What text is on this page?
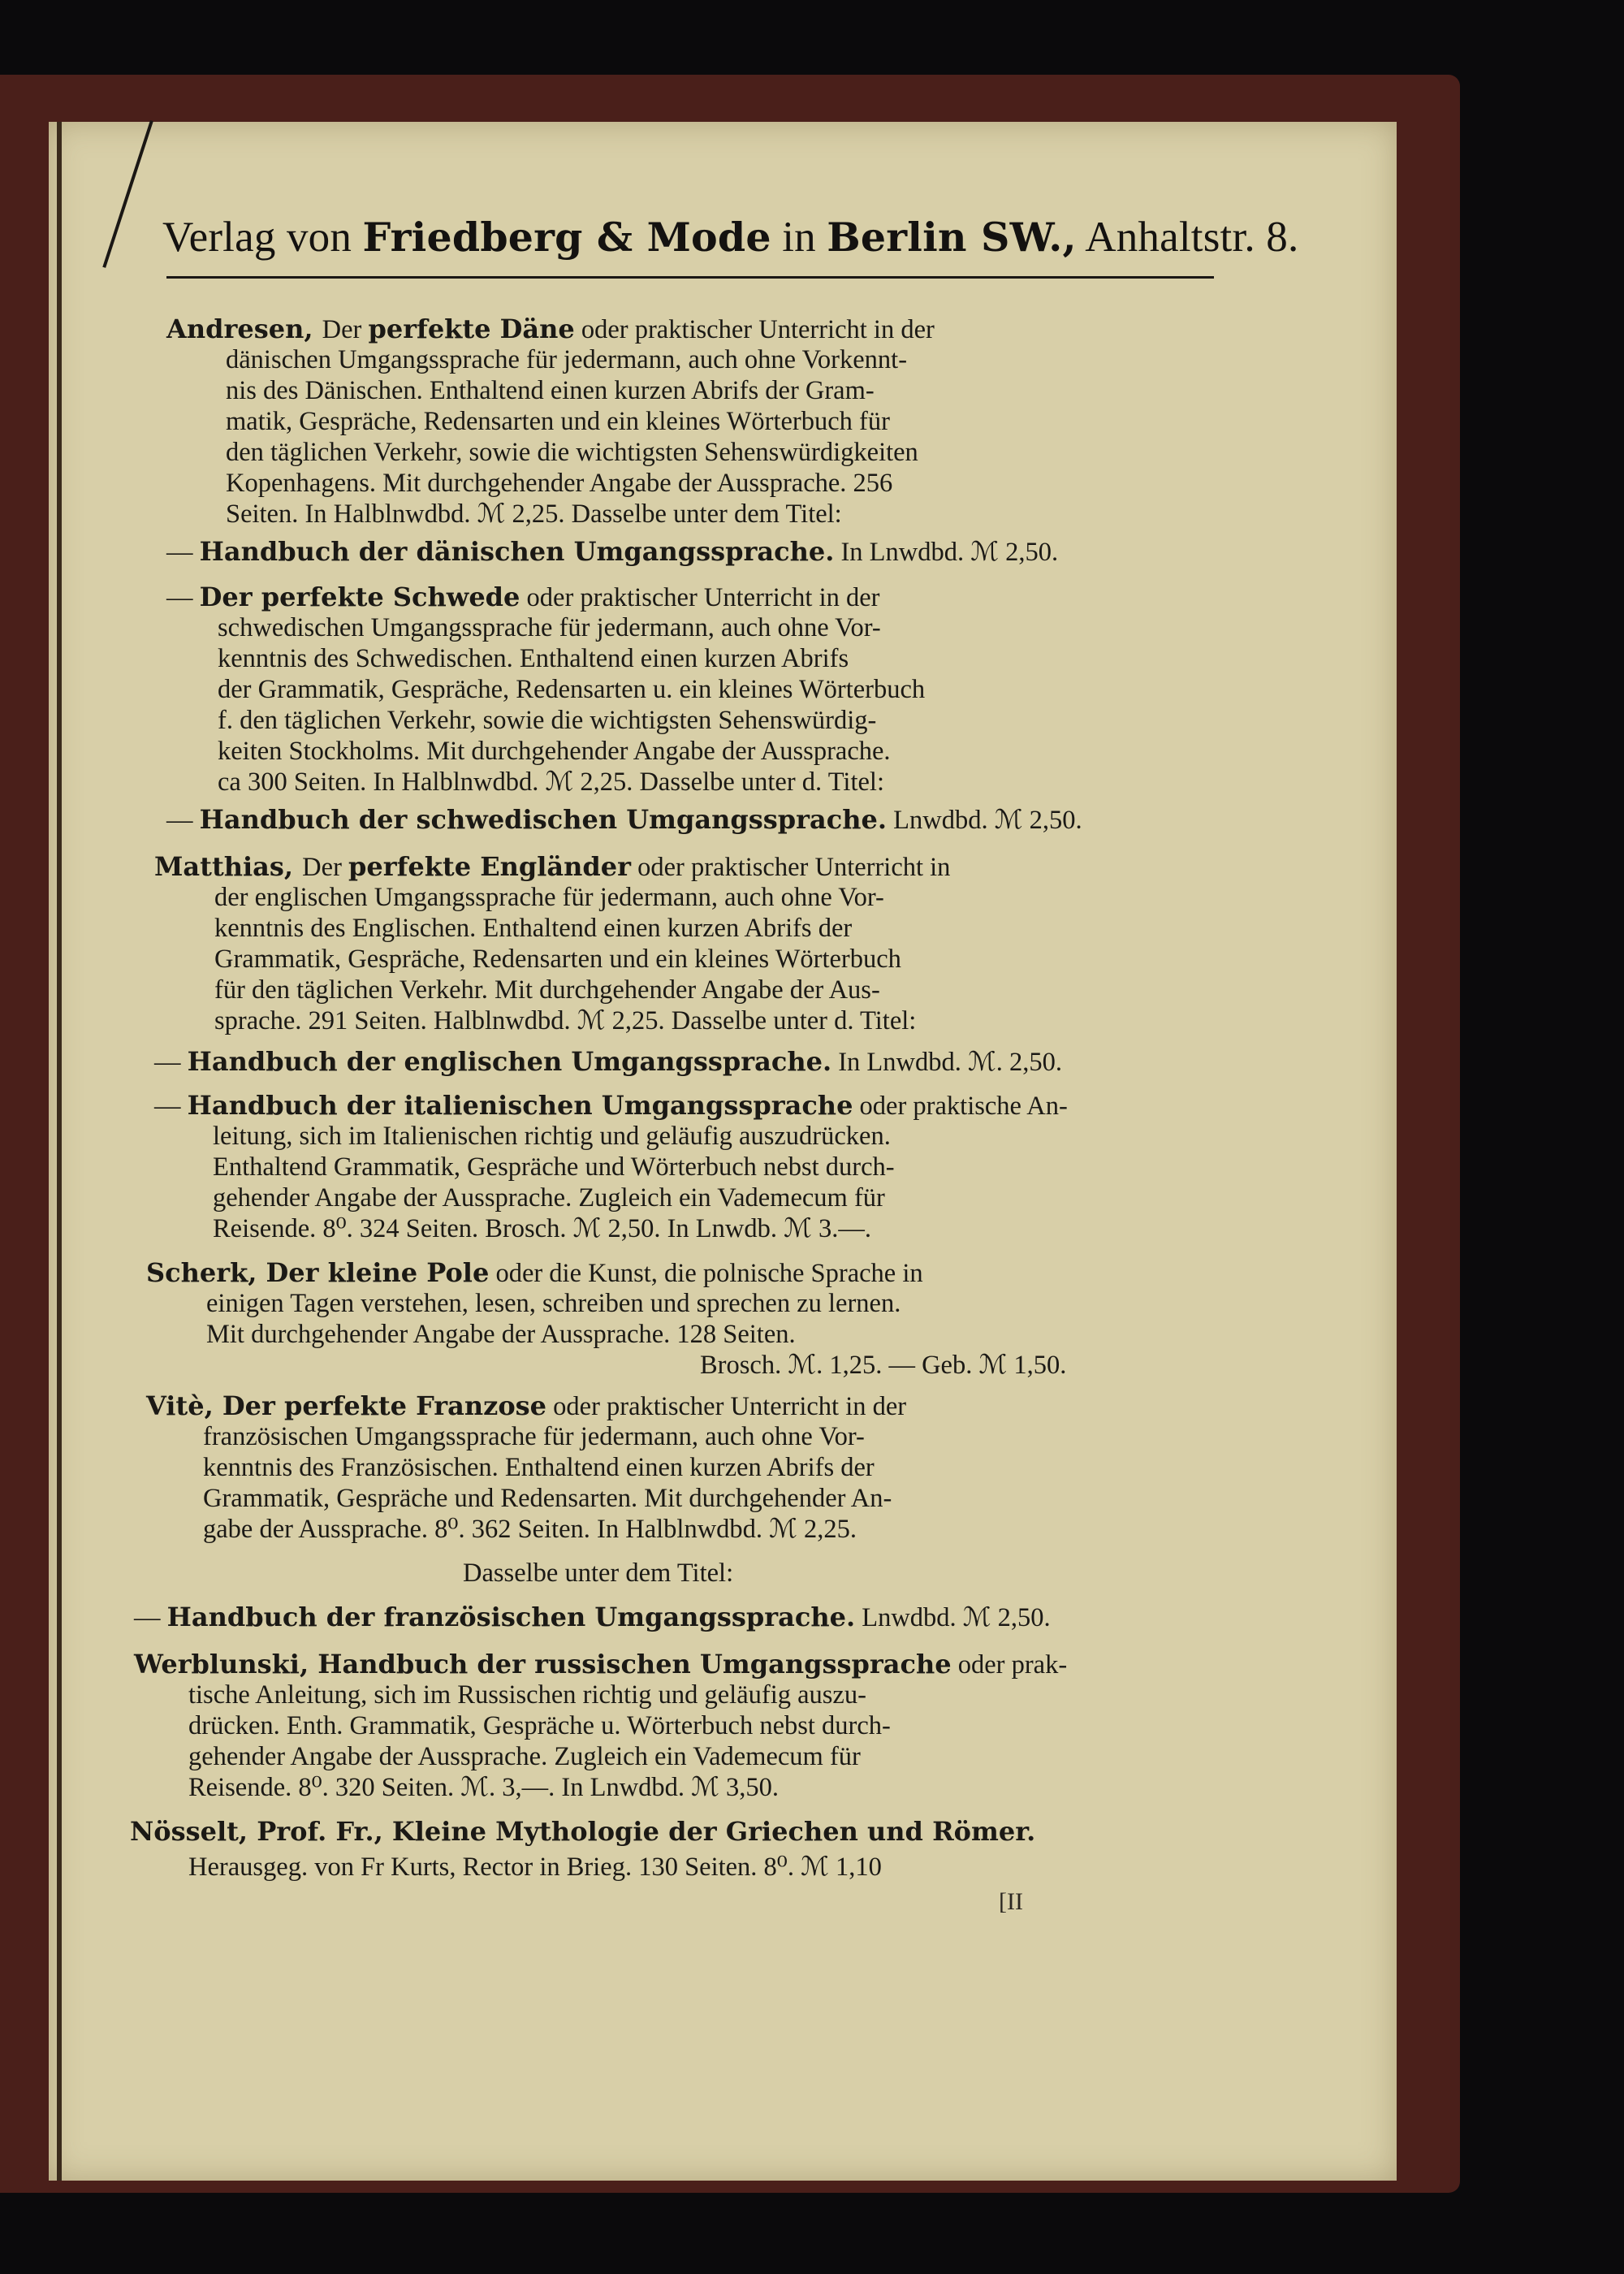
Verlag von Friedberg & Mode in Berlin SW., Anhaltstr. 8.
Andresen, Der perfekte Däne oder praktischer Unterricht in der
dänischen Umgangssprache für jedermann, auch ohne Vorkennt-
nis des Dänischen. Enthaltend einen kurzen Abrifs der Gram-
matik, Gespräche, Redensarten und ein kleines Wörterbuch für
den täglichen Verkehr, sowie die wichtigsten Sehenswürdigkeiten
Kopenhagens. Mit durchgehender Angabe der Aussprache. 256
Seiten. In Halblnwdbd. ℳ 2,25. Dasselbe unter dem Titel:
— Handbuch der dänischen Umgangssprache. In Lnwdbd. ℳ 2,50.
— Der perfekte Schwede oder praktischer Unterricht in der
schwedischen Umgangssprache für jedermann, auch ohne Vor-
kenntnis des Schwedischen. Enthaltend einen kurzen Abrifs
der Grammatik, Gespräche, Redensarten u. ein kleines Wörterbuch
f. den täglichen Verkehr, sowie die wichtigsten Sehenswürdig-
keiten Stockholms. Mit durchgehender Angabe der Aussprache.
ca 300 Seiten. In Halblnwdbd. ℳ 2,25. Dasselbe unter d. Titel:
— Handbuch der schwedischen Umgangssprache. Lnwdbd. ℳ 2,50.
Matthias, Der perfekte Engländer oder praktischer Unterricht in
der englischen Umgangssprache für jedermann, auch ohne Vor-
kenntnis des Englischen. Enthaltend einen kurzen Abrifs der
Grammatik, Gespräche, Redensarten und ein kleines Wörterbuch
für den täglichen Verkehr. Mit durchgehender Angabe der Aus-
sprache. 291 Seiten. Halblnwdbd. ℳ 2,25. Dasselbe unter d. Titel:
— Handbuch der englischen Umgangssprache. In Lnwdbd. ℳ. 2,50.
— Handbuch der italienischen Umgangssprache oder praktische An-
leitung, sich im Italienischen richtig und geläufig auszudrücken.
Enthaltend Grammatik, Gespräche und Wörterbuch nebst durch-
gehender Angabe der Aussprache. Zugleich ein Vademecum für
Reisende. 8⁰. 324 Seiten. Brosch. ℳ 2,50. In Lnwdb. ℳ 3.—.
Scherk, Der kleine Pole oder die Kunst, die polnische Sprache in
einigen Tagen verstehen, lesen, schreiben und sprechen zu lernen.
Mit durchgehender Angabe der Aussprache. 128 Seiten.
Brosch. ℳ. 1,25. — Geb. ℳ 1,50.
Vitè, Der perfekte Franzose oder praktischer Unterricht in der
französischen Umgangssprache für jedermann, auch ohne Vor-
kenntnis des Französischen. Enthaltend einen kurzen Abrifs der
Grammatik, Gespräche und Redensarten. Mit durchgehender An-
gabe der Aussprache. 8⁰. 362 Seiten. In Halblnwdbd. ℳ 2,25.
Dasselbe unter dem Titel:
— Handbuch der französischen Umgangssprache. Lnwdbd. ℳ 2,50.
Werblunski, Handbuch der russischen Umgangssprache oder prak-
tische Anleitung, sich im Russischen richtig und geläufig auszu-
drücken. Enth. Grammatik, Gespräche u. Wörterbuch nebst durch-
gehender Angabe der Aussprache. Zugleich ein Vademecum für
Reisende. 8⁰. 320 Seiten. ℳ. 3,—. In Lnwdbd. ℳ 3,50.
Nösselt, Prof. Fr., Kleine Mythologie der Griechen und Römer.
Herausgeg. von Fr Kurts, Rector in Brieg. 130 Seiten. 8⁰. ℳ 1,10
[II
